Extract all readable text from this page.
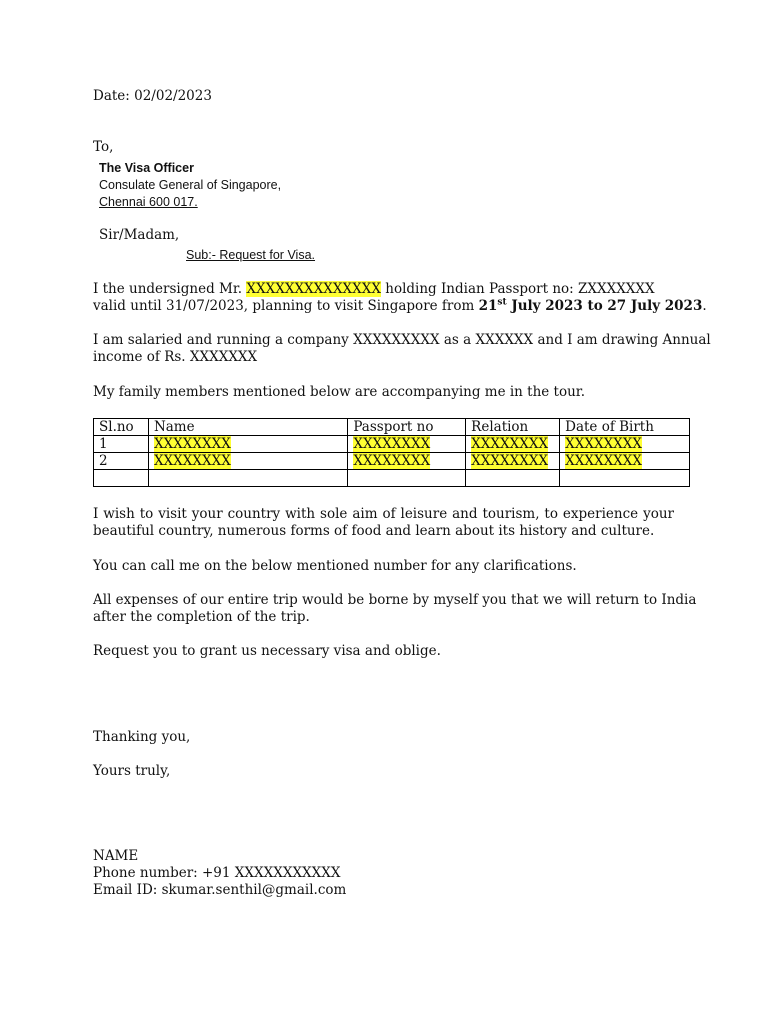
Date: 02/02/2023
To,
The Visa Officer
Consulate General of Singapore,
Chennai 600 017.
Sir/Madam,
Sub:- Request for Visa.
I the undersigned Mr. XXXXXXXXXXXXXX holding Indian Passport no: ZXXXXXXX
valid until 31/07/2023, planning to visit Singapore from 21st July 2023 to 27 July 2023.
I am salaried and running a company XXXXXXXXX as a XXXXXX and I am drawing Annual
income of Rs. XXXXXXX
My family members mentioned below are accompanying me in the tour.
Sl.no	Name	Passport no	Relation	Date of Birth
1	XXXXXXXX	XXXXXXXX	XXXXXXXX	XXXXXXXX
2	XXXXXXXX	XXXXXXXX	XXXXXXXX	XXXXXXXX

I wish to visit your country with sole aim of leisure and tourism, to experience your
beautiful country, numerous forms of food and learn about its history and culture.
You can call me on the below mentioned number for any clarifications.
All expenses of our entire trip would be borne by myself you that we will return to India
after the completion of the trip.
Request you to grant us necessary visa and oblige.
Thanking you,
Yours truly,
NAME
Phone number: +91 XXXXXXXXXXX
Email ID: skumar.senthil@gmail.com
